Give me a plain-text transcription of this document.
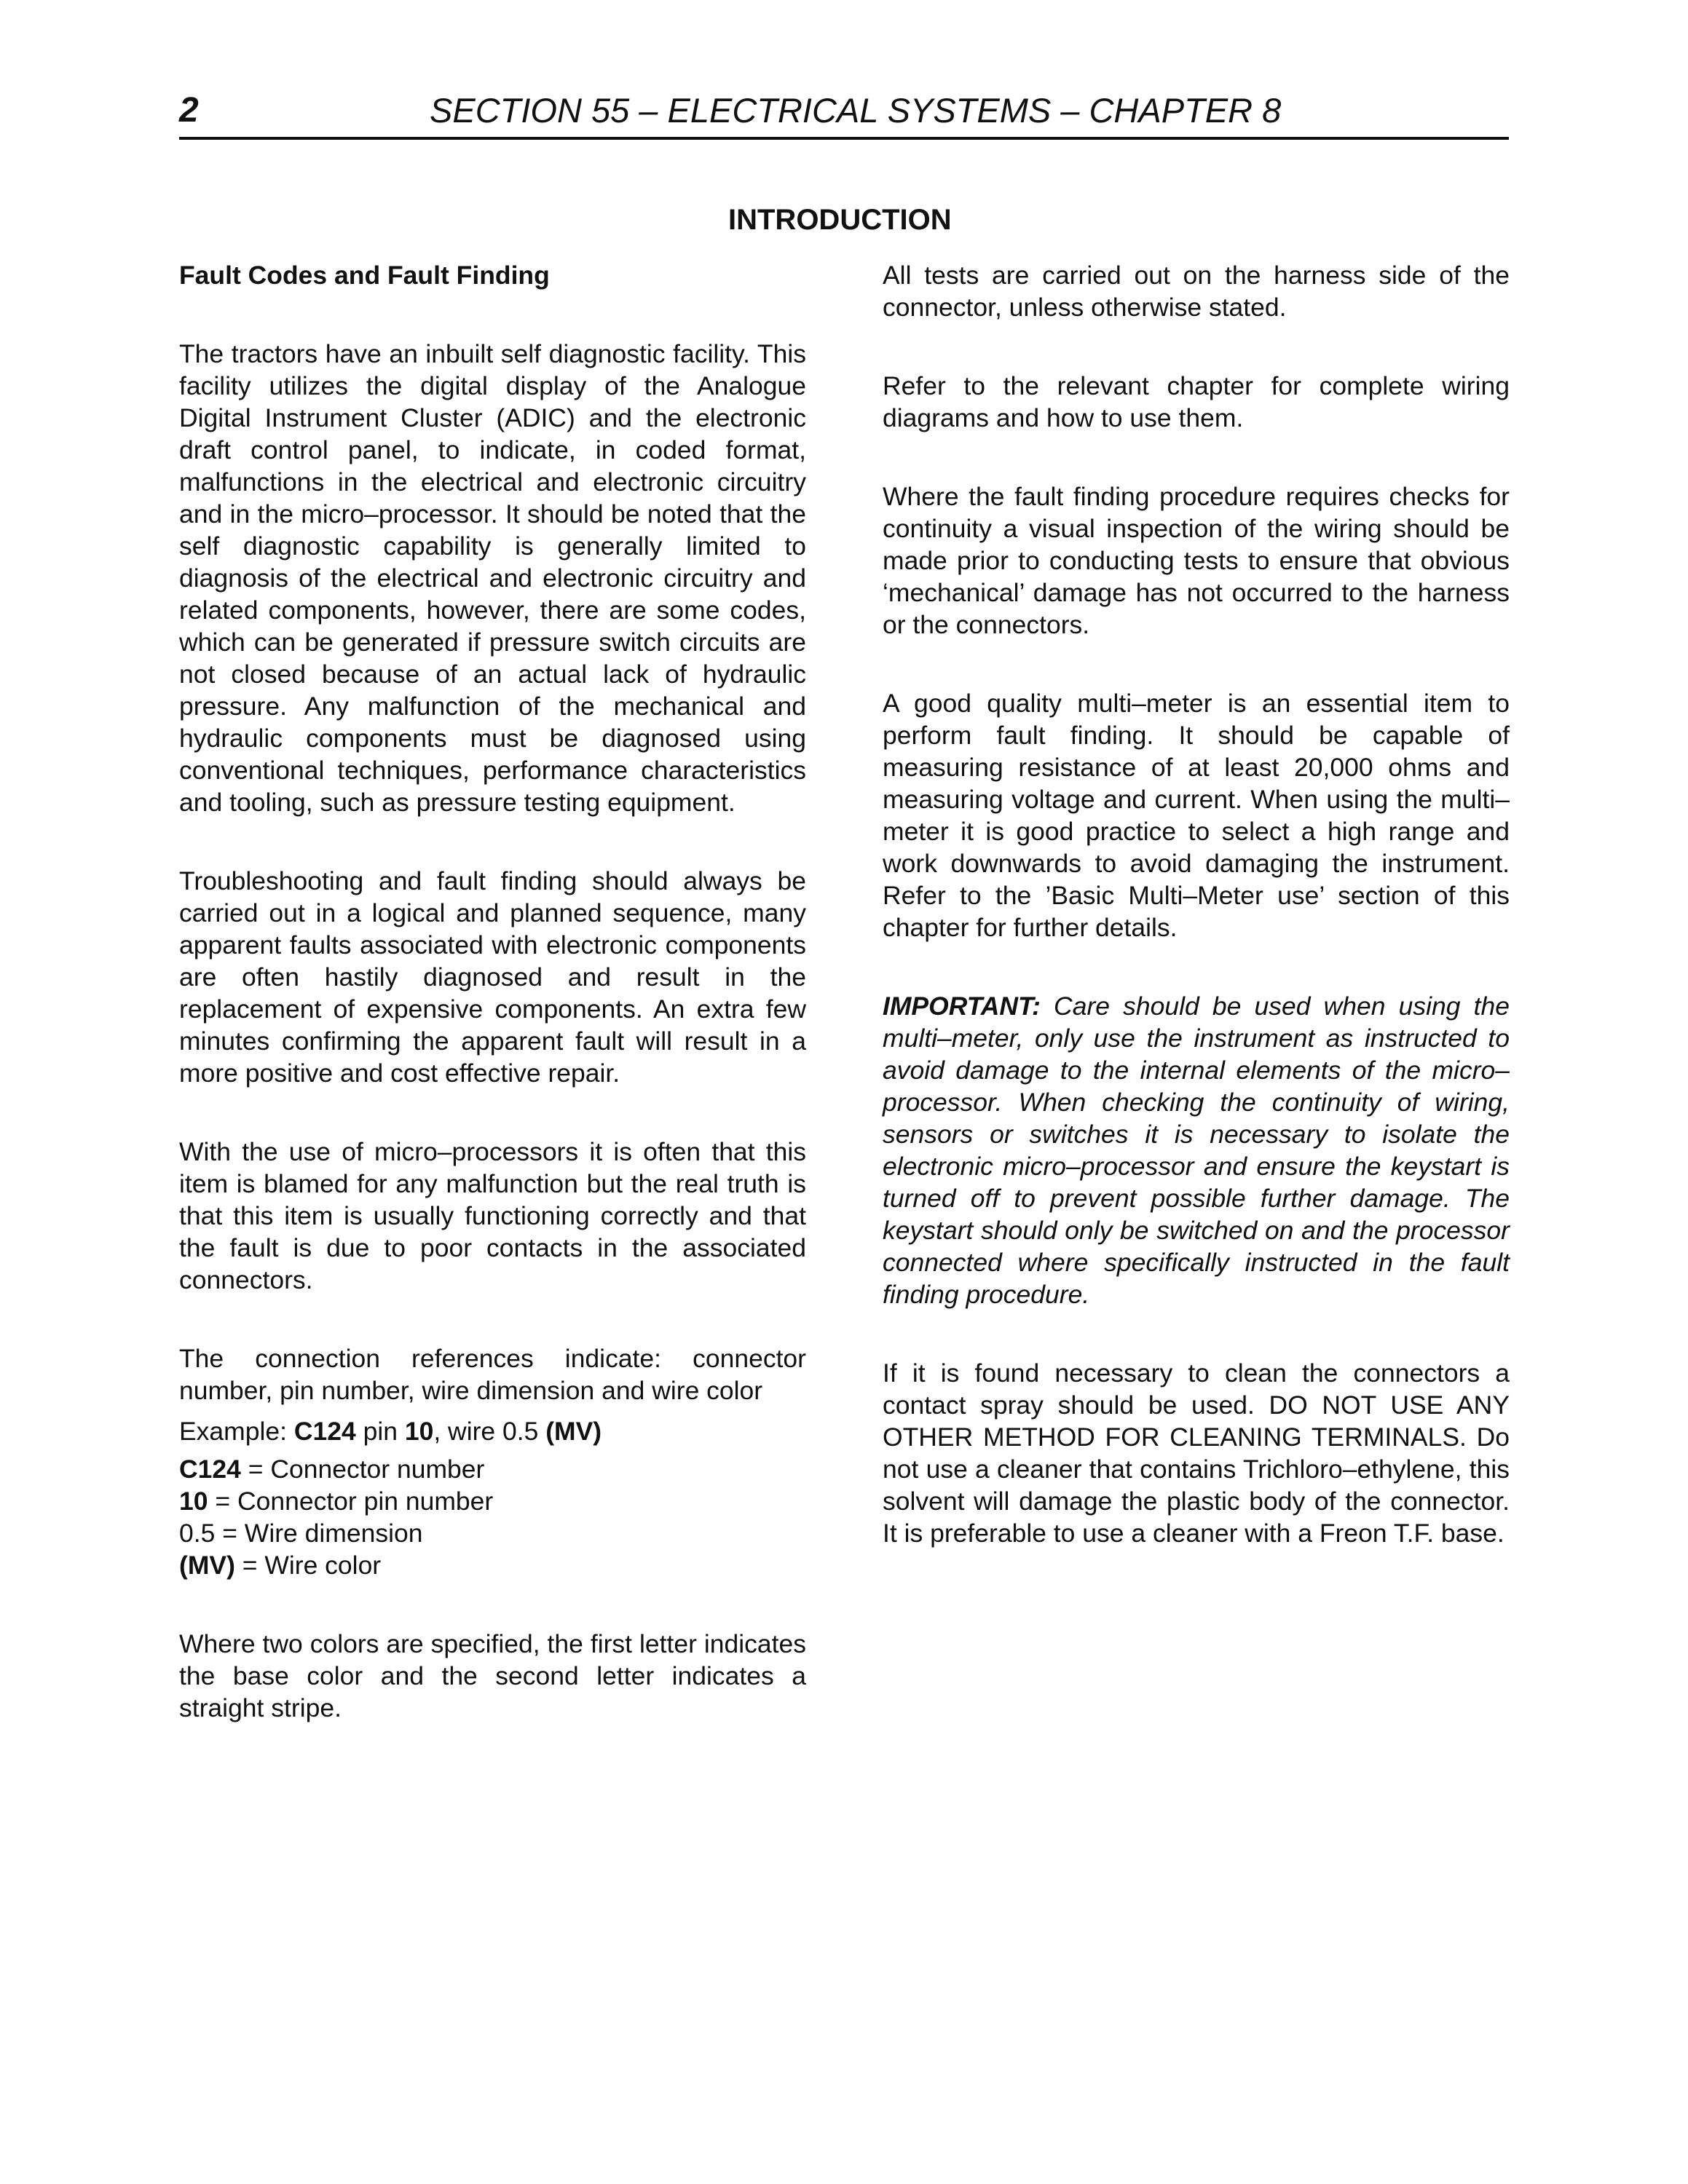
2	SECTION 55 – ELECTRICAL SYSTEMS – CHAPTER 8
INTRODUCTION
Fault Codes and Fault Finding

The tractors have an inbuilt self diagnostic facility. This facility utilizes the digital display of the Analogue Digital Instrument Cluster (ADIC) and the electronic draft control panel, to indicate, in coded format, malfunctions in the electrical and electronic circuitry and in the micro–processor. It should be noted that the self diagnostic capability is generally limited to diagnosis of the electrical and electronic circuitry and related components, however, there are some codes, which can be generated if pressure switch circuits are not closed because of an actual lack of hydraulic pressure. Any malfunction of the mechanical and hydraulic components must be diagnosed using conventional techniques, performance characteristics and tooling, such as pressure testing equipment.

Troubleshooting and fault finding should always be carried out in a logical and planned sequence, many apparent faults associated with electronic components are often hastily diagnosed and result in the replacement of expensive components. An extra few minutes confirming the apparent fault will result in a more positive and cost effective repair.

With the use of micro–processors it is often that this item is blamed for any malfunction but the real truth is that this item is usually functioning correctly and that the fault is due to poor contacts in the associated connectors.

The connection references indicate: connector number, pin number, wire dimension and wire color

Example: C124 pin 10, wire 0.5 (MV)

C124 = Connector number
10 = Connector pin number
0.5 = Wire dimension
(MV) = Wire color

Where two colors are specified, the first letter indicates the base color and the second letter indicates a straight stripe.

All tests are carried out on the harness side of the connector, unless otherwise stated.

Refer to the relevant chapter for complete wiring diagrams and how to use them.

Where the fault finding procedure requires checks for continuity a visual inspection of the wiring should be made prior to conducting tests to ensure that obvious ‘mechanical’ damage has not occurred to the harness or the connectors.

A good quality multi–meter is an essential item to perform fault finding. It should be capable of measuring resistance of at least 20,000 ohms and measuring voltage and current. When using the multi–meter it is good practice to select a high range and work downwards to avoid damaging the instrument. Refer to the ’Basic Multi–Meter use’ section of this chapter for further details.

IMPORTANT: Care should be used when using the multi–meter, only use the instrument as instructed to avoid damage to the internal elements of the micro–processor. When checking the continuity of wiring, sensors or switches it is necessary to isolate the electronic micro–processor and ensure the keystart is turned off to prevent possible further damage. The keystart should only be switched on and the processor connected where specifically instructed in the fault finding procedure.

If it is found necessary to clean the connectors a contact spray should be used. DO NOT USE ANY OTHER METHOD FOR CLEANING TERMINALS. Do not use a cleaner that contains Trichloro–ethylene, this solvent will damage the plastic body of the connector. It is preferable to use a cleaner with a Freon T.F. base.
